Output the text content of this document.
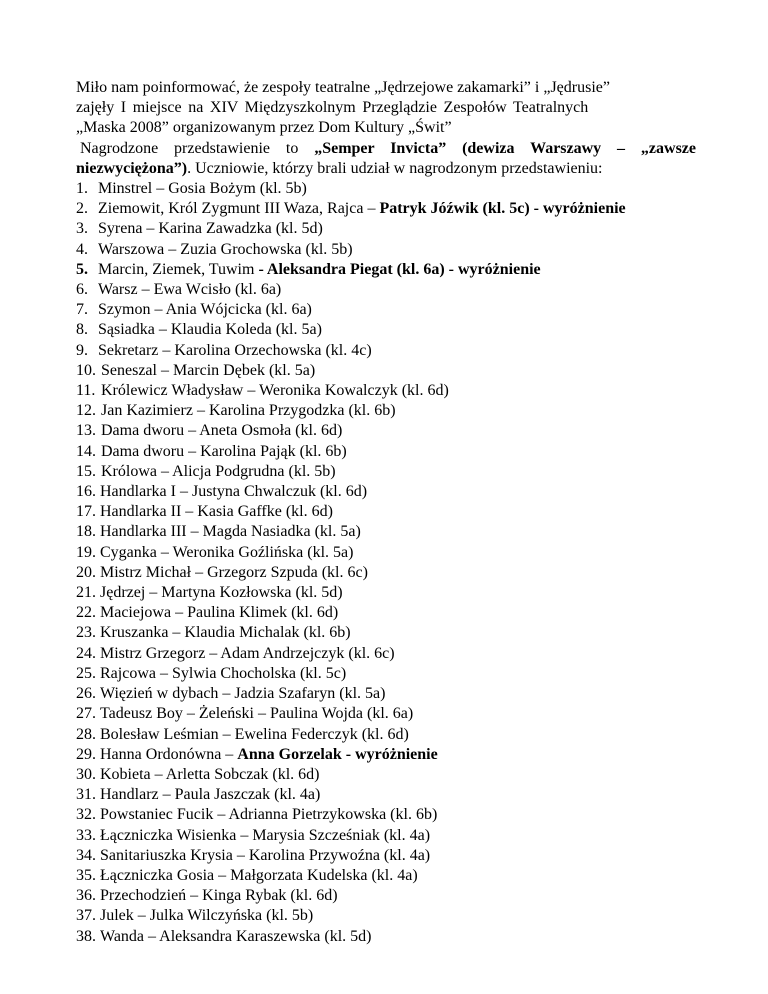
Miło nam poinformować, że zespoły teatralne „Jędrzejowe zakamarki” i „Jędrusie”
zajęły I miejsce na XIV Międzyszkolnym Przeglądzie Zespołów Teatralnych
„Maska 2008” organizowanym przez Dom Kultury „Świt”

Nagrodzone przedstawienie to „Semper Invicta” (dewiza Warszawy – „zawsze niezwyciężona”). Uczniowie, którzy brali udział w nagrodzonym przedstawieniu:

1. Minstrel – Gosia Bożym (kl. 5b)
2. Ziemowit, Król Zygmunt III Waza, Rajca – Patryk Jóźwik (kl. 5c) - wyróżnienie
3. Syrena – Karina Zawadzka (kl. 5d)
4. Warszowa – Zuzia Grochowska (kl. 5b)
5. Marcin, Ziemek, Tuwim - Aleksandra Piegat (kl. 6a) - wyróżnienie
6. Warsz – Ewa Wcisło (kl. 6a)
7. Szymon – Ania Wójcicka (kl. 6a)
8. Sąsiadka – Klaudia Koleda (kl. 5a)
9. Sekretarz – Karolina Orzechowska (kl. 4c)
10. Seneszal – Marcin Dębek (kl. 5a)
11. Królewicz Władysław – Weronika Kowalczyk (kl. 6d)
12. Jan Kazimierz – Karolina Przygodzka (kl. 6b)
13. Dama dworu – Aneta Osmoła (kl. 6d)
14. Dama dworu – Karolina Pająk (kl. 6b)
15. Królowa – Alicja Podgrudna (kl. 5b)
16. Handlarka I – Justyna Chwalczuk (kl. 6d)
17. Handlarka II – Kasia Gaffke (kl. 6d)
18. Handlarka III – Magda Nasiadka (kl. 5a)
19. Cyganka – Weronika Goźlińska (kl. 5a)
20. Mistrz Michał – Grzegorz Szpuda (kl. 6c)
21. Jędrzej – Martyna Kozłowska (kl. 5d)
22. Maciejowa – Paulina Klimek (kl. 6d)
23. Kruszanka – Klaudia Michalak (kl. 6b)
24. Mistrz Grzegorz – Adam Andrzejczyk (kl. 6c)
25. Rajcowa – Sylwia Chocholska (kl. 5c)
26. Więzień w dybach – Jadzia Szafaryn (kl. 5a)
27. Tadeusz Boy – Żeleński – Paulina Wojda (kl. 6a)
28. Bolesław Leśmian – Ewelina Federczyk (kl. 6d)
29. Hanna Ordonówna – Anna Gorzelak - wyróżnienie
30. Kobieta – Arletta Sobczak (kl. 6d)
31. Handlarz – Paula Jaszczak (kl. 4a)
32. Powstaniec Fucik – Adrianna Pietrzykowska (kl. 6b)
33. Łączniczka Wisienka – Marysia Szcześniak (kl. 4a)
34. Sanitariuszka Krysia – Karolina Przywoźna (kl. 4a)
35. Łączniczka Gosia – Małgorzata Kudelska (kl. 4a)
36. Przechodzień – Kinga Rybak (kl. 6d)
37. Julek – Julka Wilczyńska (kl. 5b)
38. Wanda – Aleksandra Karaszewska (kl. 5d)
